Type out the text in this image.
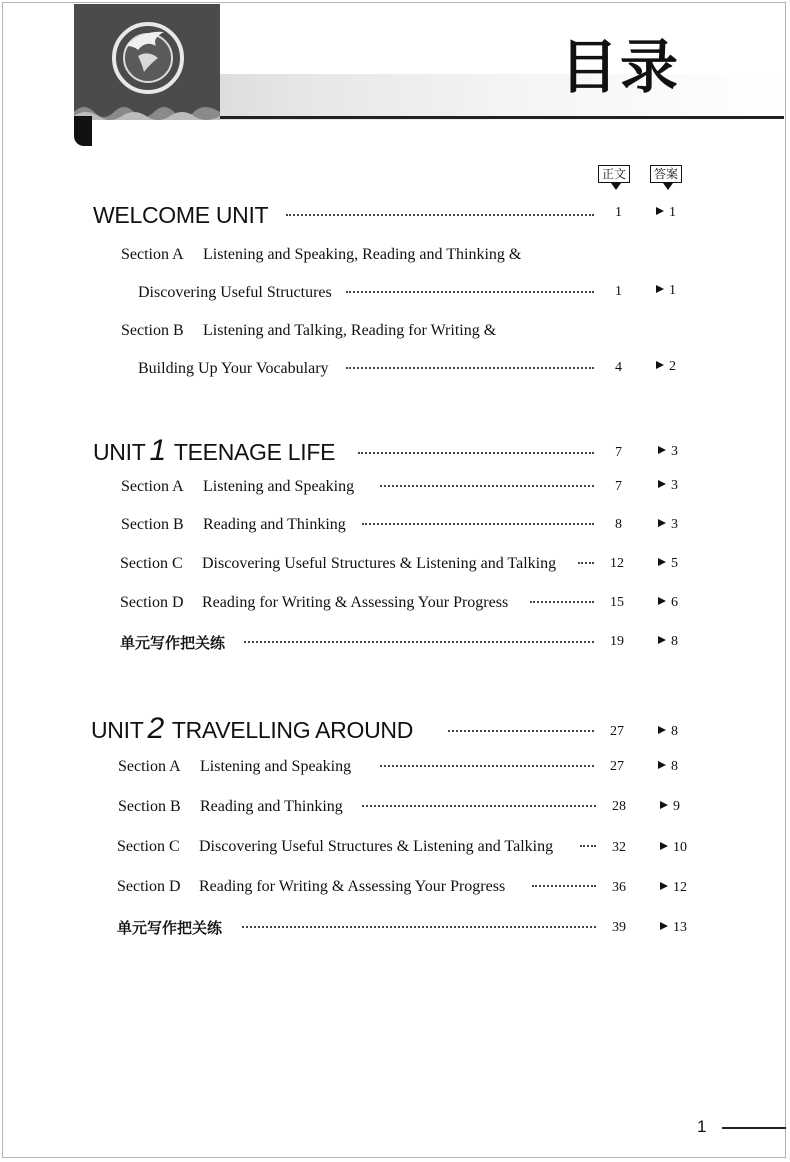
目录
正文	答案
WELCOME UNIT	1	1
Section A	Listening and Speaking, Reading and Thinking &
Discovering Useful Structures	1	1
Section B	Listening and Talking, Reading for Writing &
Building Up Your Vocabulary	4	2
UNIT 1 TEENAGE LIFE	7	3
Section A	Listening and Speaking	7	3
Section B	Reading and Thinking	8	3
Section C	Discovering Useful Structures & Listening and Talking	12	5
Section D	Reading for Writing & Assessing Your Progress	15	6
单元写作把关练	19	8
UNIT 2 TRAVELLING AROUND	27	8
Section A	Listening and Speaking	27	8
Section B	Reading and Thinking	28	9
Section C	Discovering Useful Structures & Listening and Talking	32	10
Section D	Reading for Writing & Assessing Your Progress	36	12
单元写作把关练	39	13
1
